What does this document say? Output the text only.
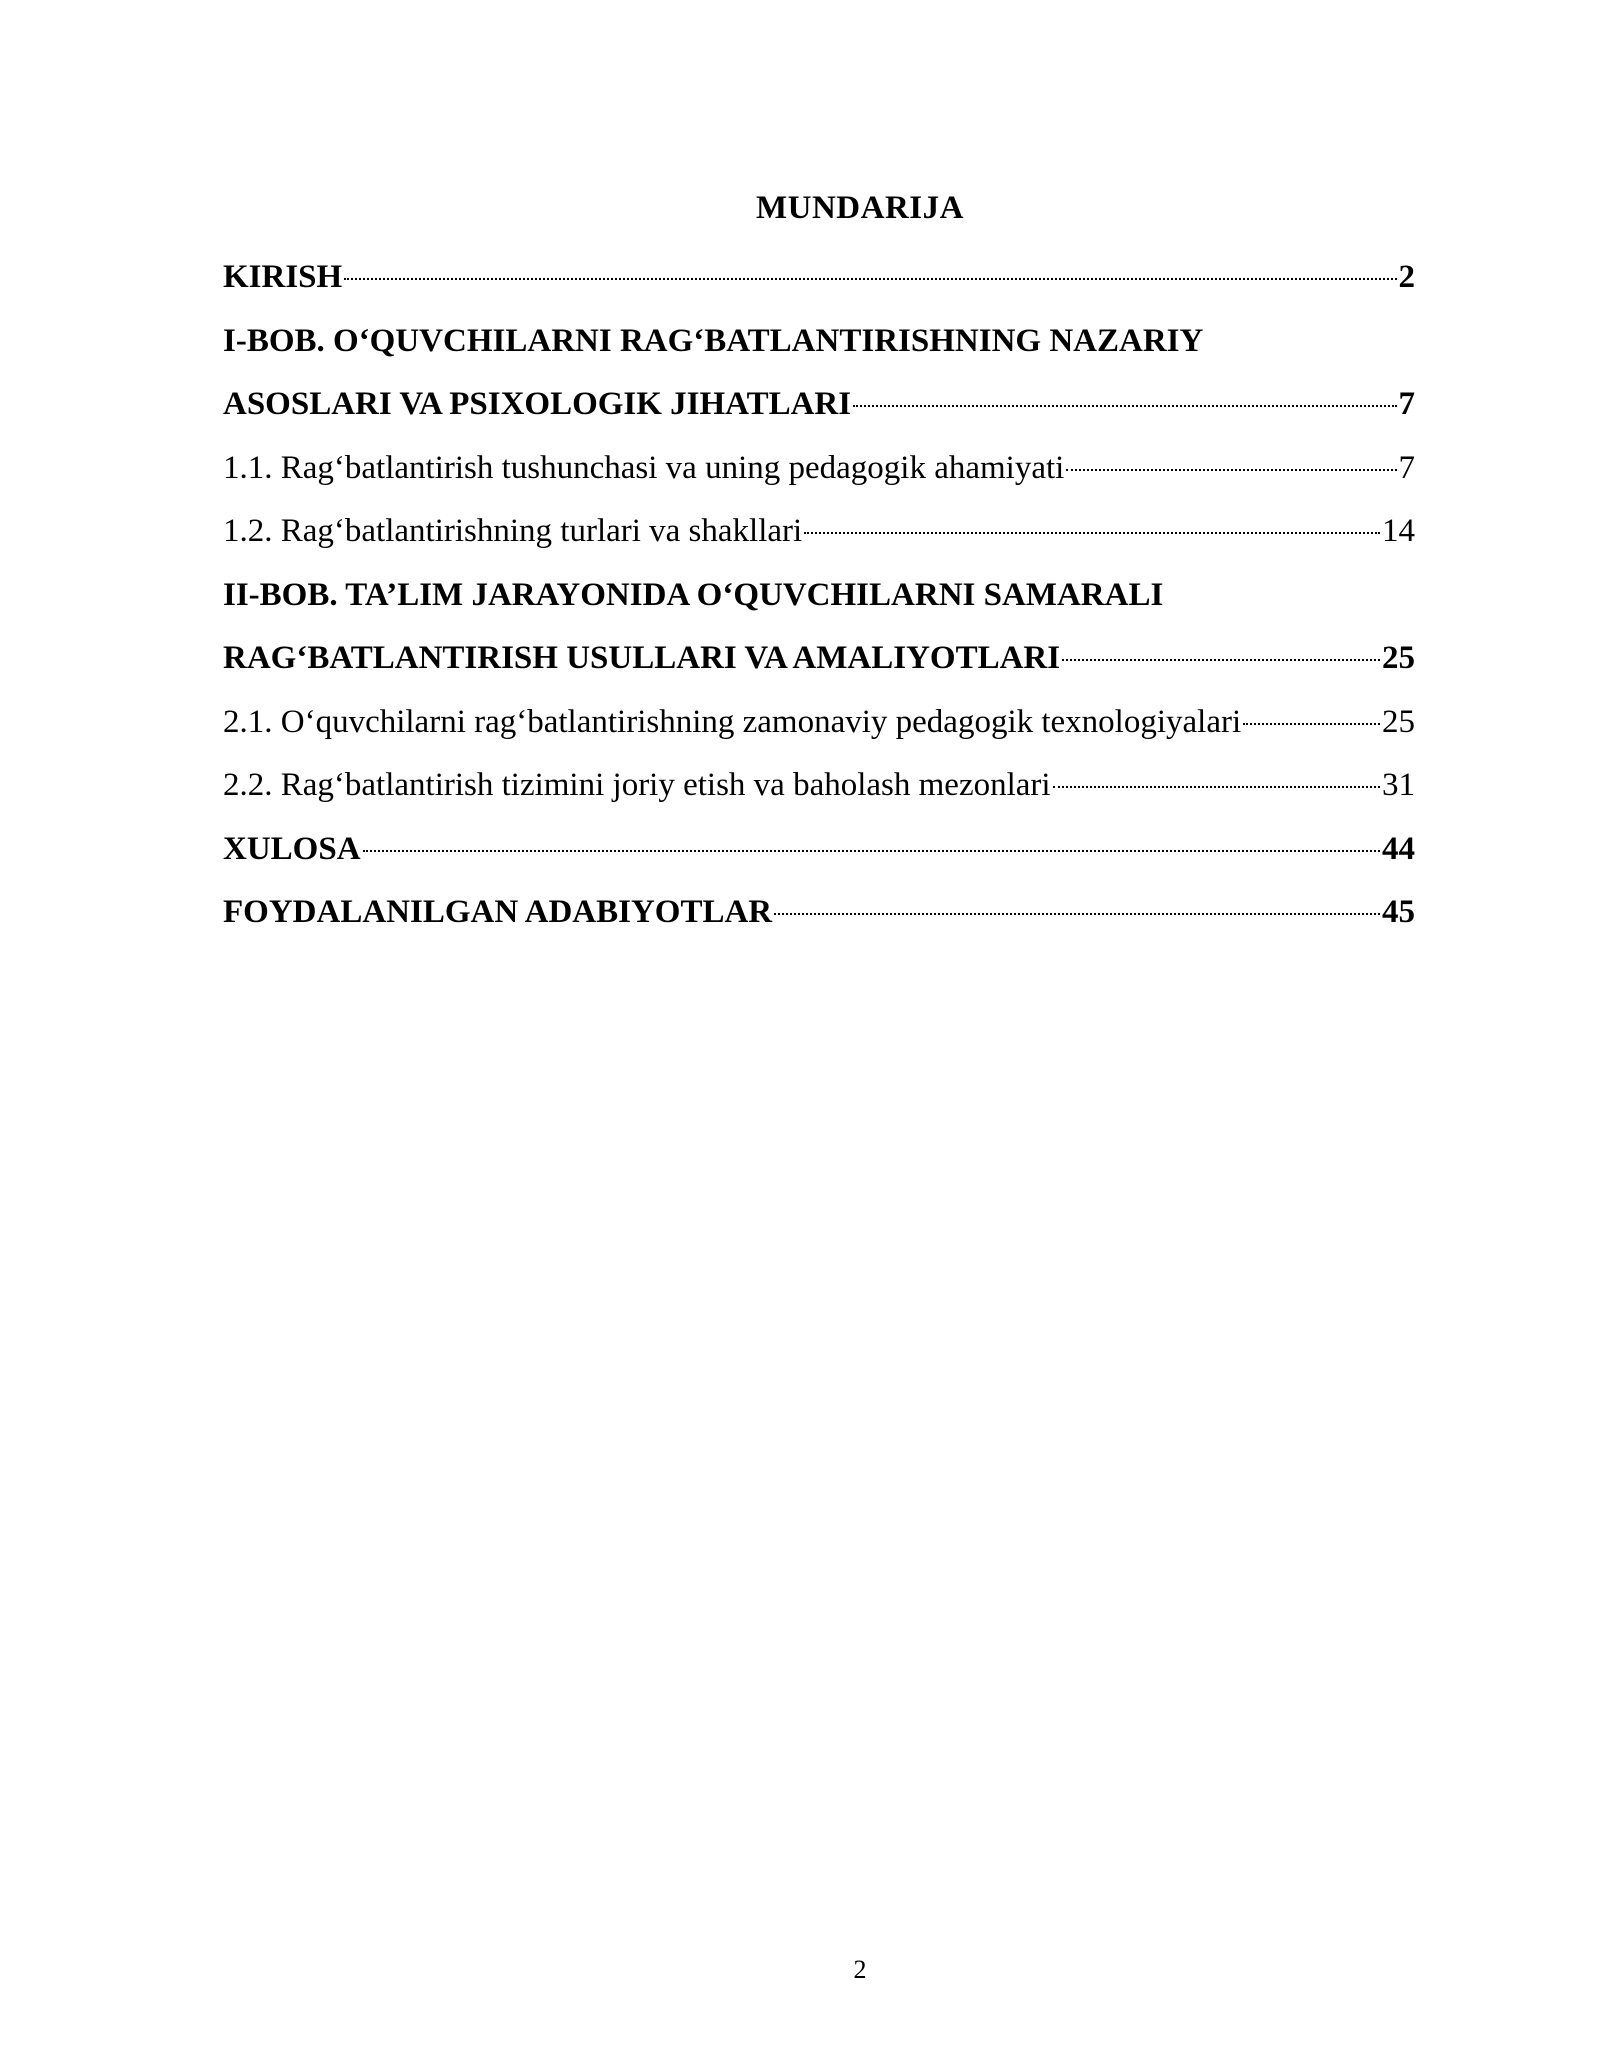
MUNDARIJA
KIRISH	2
I-BOB. O‘QUVCHILARNI RAG‘BATLANTIRISHNING NAZARIY
ASOSLARI VA PSIXOLOGIK JIHATLARI	7
1.1. Rag‘batlantirish tushunchasi va uning pedagogik ahamiyati	7
1.2. Rag‘batlantirishning turlari va shakllari	14
II-BOB. TA’LIM JARAYONIDA O‘QUVCHILARNI SAMARALI
RAG‘BATLANTIRISH USULLARI VA AMALIYOTLARI	25
2.1. O‘quvchilarni rag‘batlantirishning zamonaviy pedagogik texnologiyalari	25
2.2. Rag‘batlantirish tizimini joriy etish va baholash mezonlari	31
XULOSA	44
FOYDALANILGAN ADABIYOTLAR	45
2
